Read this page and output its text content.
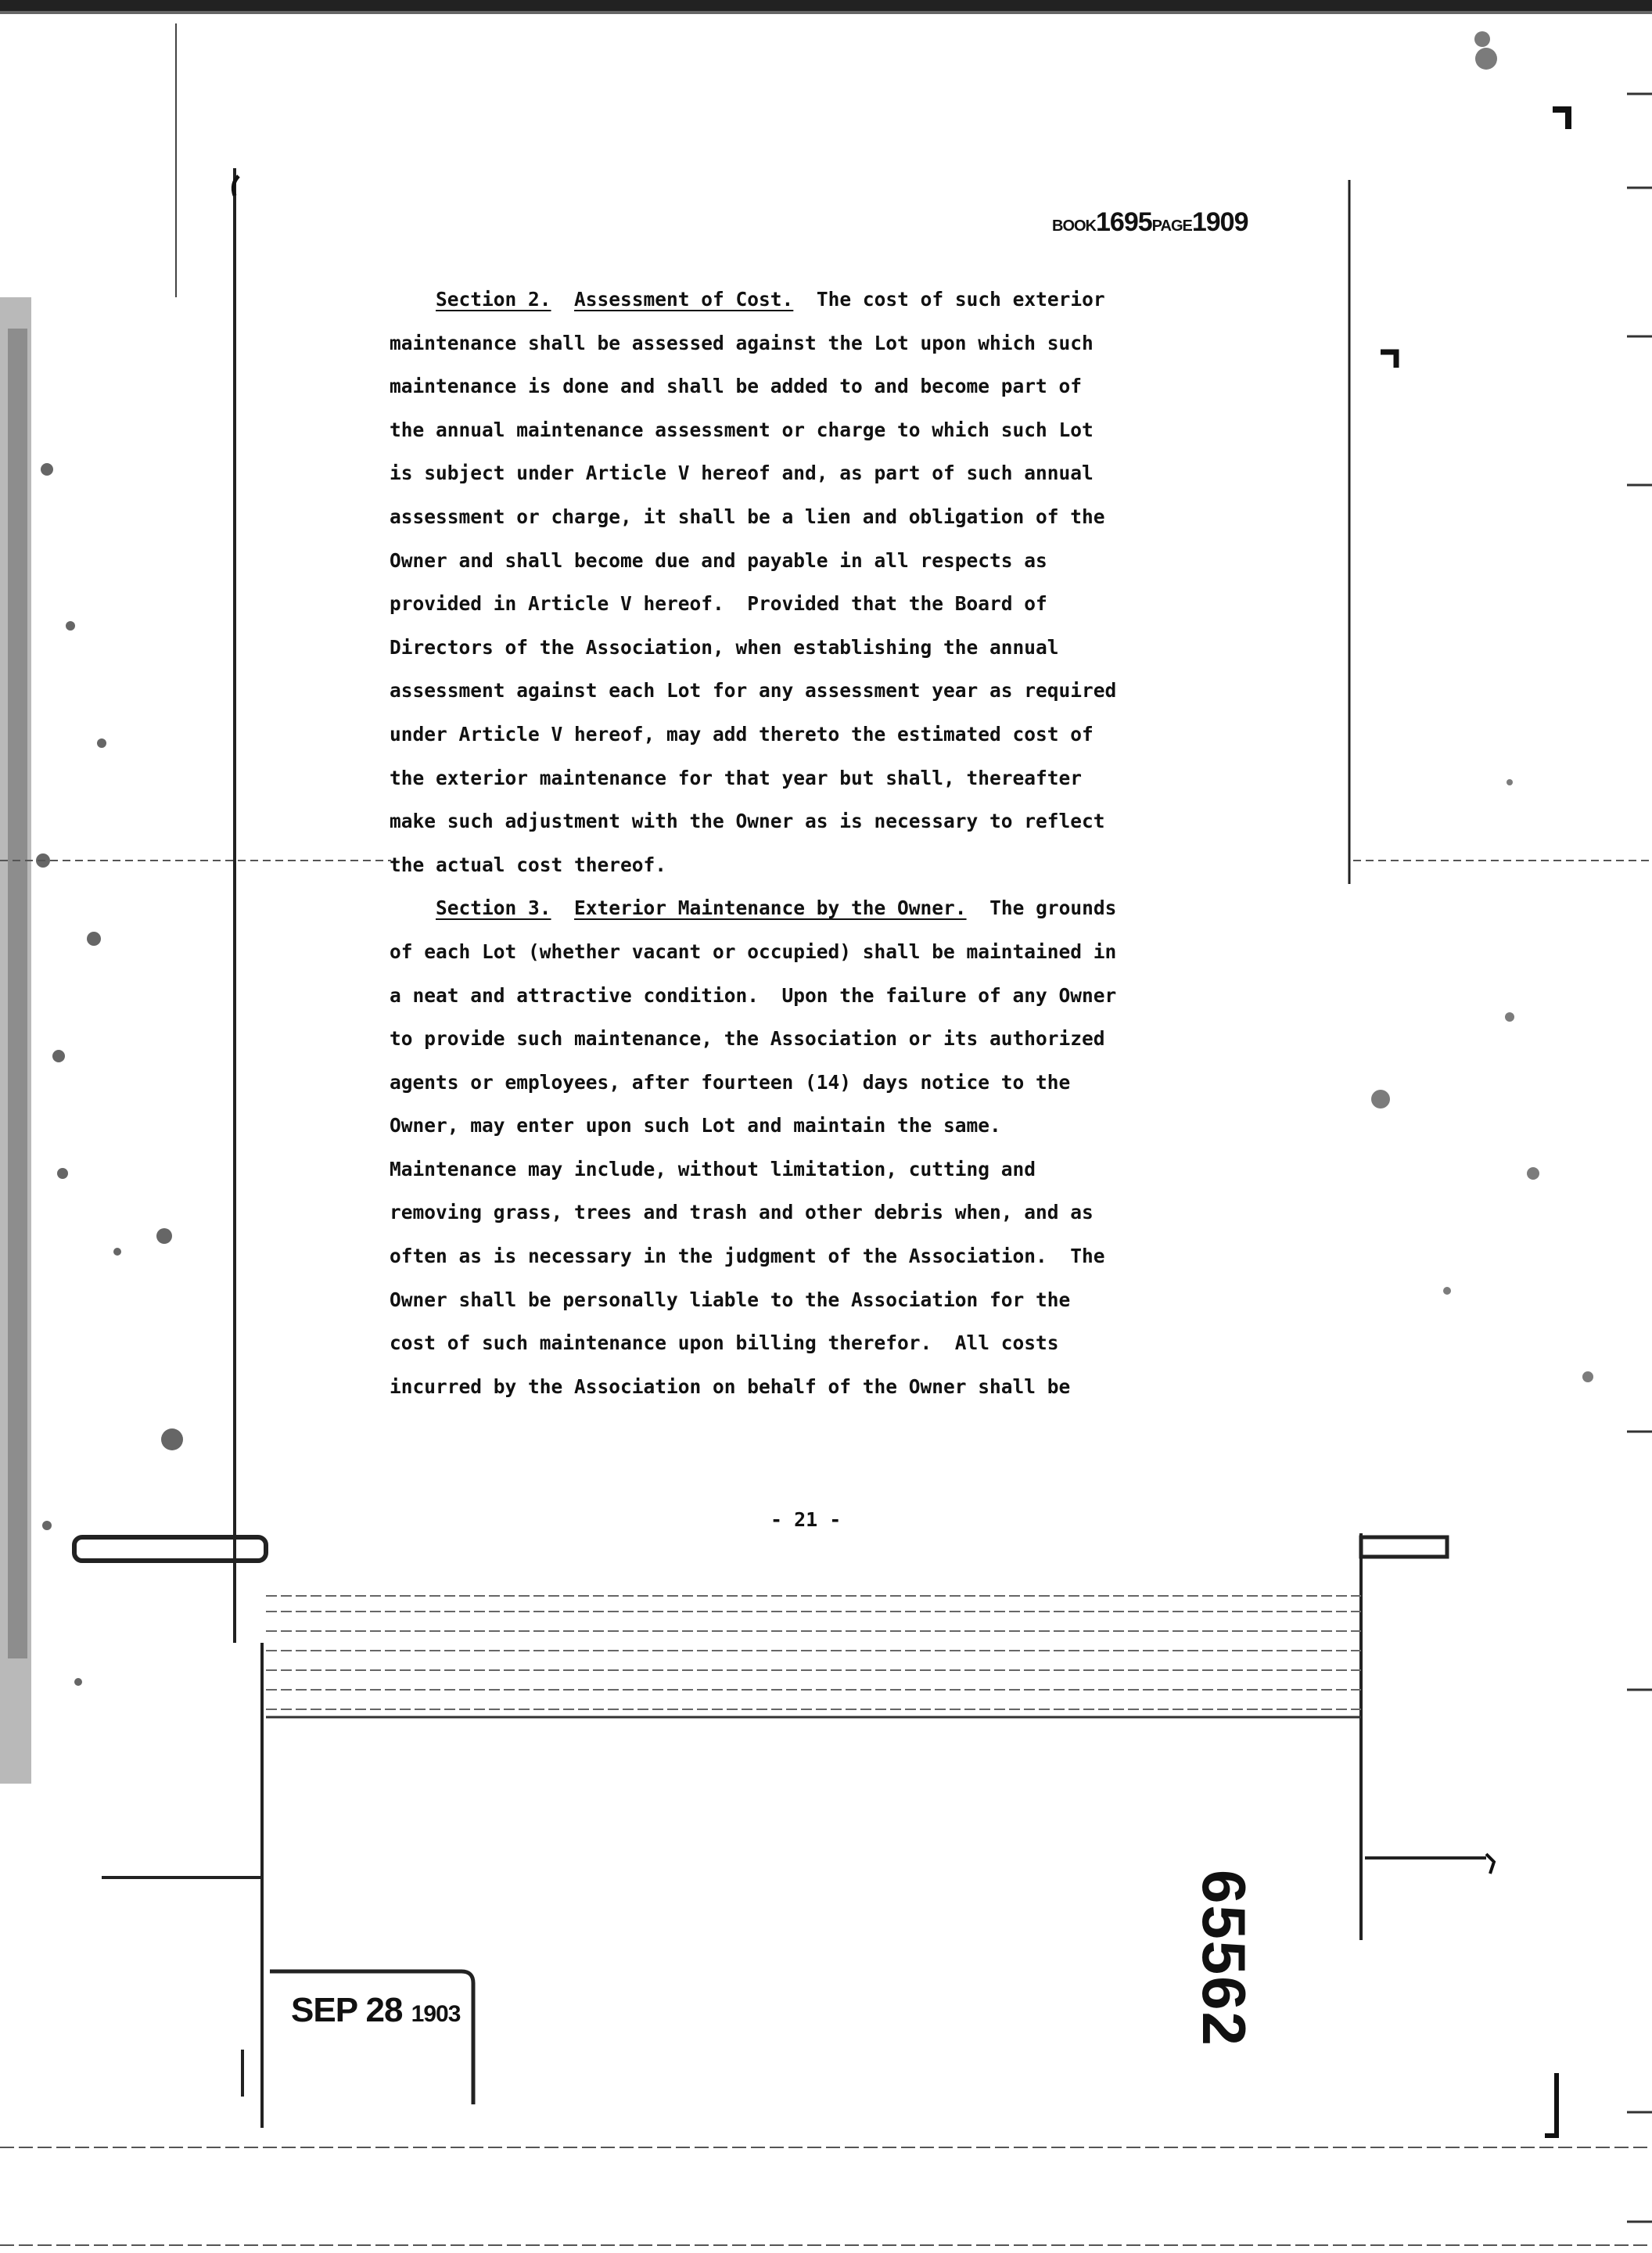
BOOK1695PAGE1909
Section 2. Assessment of Cost. The cost of such exterior
maintenance shall be assessed against the Lot upon which such
maintenance is done and shall be added to and become part of
the annual maintenance assessment or charge to which such Lot
is subject under Article V hereof and, as part of such annual
assessment or charge, it shall be a lien and obligation of the
Owner and shall become due and payable in all respects as
provided in Article V hereof.  Provided that the Board of
Directors of the Association, when establishing the annual
assessment against each Lot for any assessment year as required
under Article V hereof, may add thereto the estimated cost of
the exterior maintenance for that year but shall, thereafter
make such adjustment with the Owner as is necessary to reflect
the actual cost thereof.
Section 3. Exterior Maintenance by the Owner. The grounds
of each Lot (whether vacant or occupied) shall be maintained in
a neat and attractive condition.  Upon the failure of any Owner
to provide such maintenance, the Association or its authorized
agents or employees, after fourteen (14) days notice to the
Owner, may enter upon such Lot and maintain the same.
Maintenance may include, without limitation, cutting and
removing grass, trees and trash and other debris when, and as
often as is necessary in the judgment of the Association.  The
Owner shall be personally liable to the Association for the
cost of such maintenance upon billing therefor.  All costs
incurred by the Association on behalf of the Owner shall be
- 21 -
SEP 28 1903	65562
